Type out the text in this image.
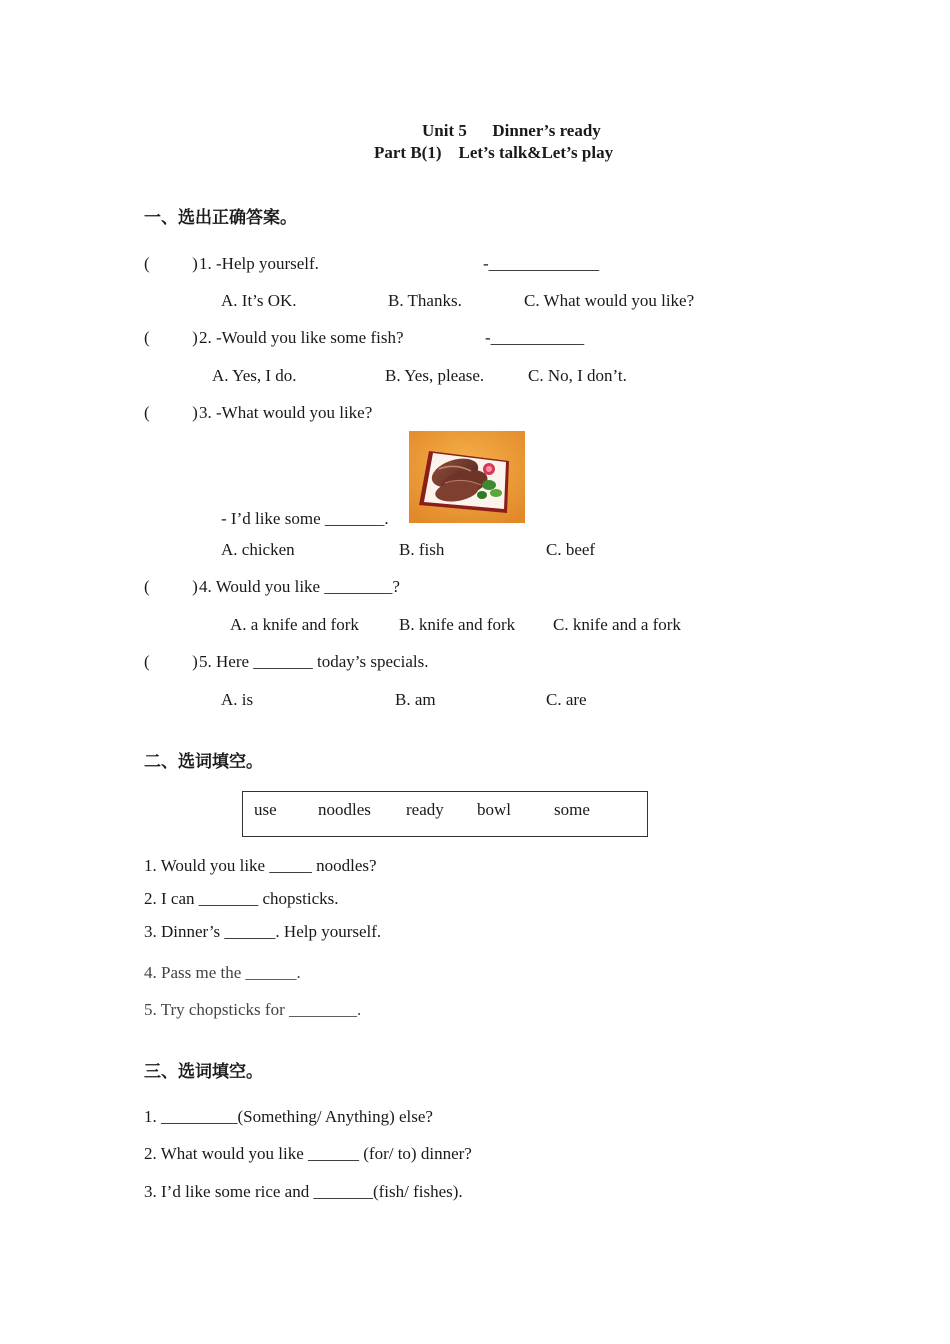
Unit 5      Dinner’s ready
Part B(1)    Let’s talk&Let’s play
一、选出正确答案。
(          ) 1. -Help yourself.	-_____________
A. It’s OK.	B. Thanks.	C. What would you like?
(          ) 2. -Would you like some fish?	-___________
A. Yes, I do.	B. Yes, please.	C. No, I don’t.
(          ) 3. -What would you like?
- I’d like some _______.
A. chicken	B. fish	C. beef
(          ) 4. Would you like ________?
A. a knife and fork B. knife and fork C. knife and a fork
(          ) 5. Here _______ today’s specials.
A. is	B. am	C. are
二、选词填空。
use noodles ready bowl	some
1. Would you like _____ noodles?
2. I can _______ chopsticks.
3. Dinner’s ______. Help yourself.
4. Pass me the ______.
5. Try chopsticks for ________.
三、选词填空。
1. _________(Something/ Anything) else?
2. What would you like ______ (for/ to) dinner?
3. I’d like some rice and _______(fish/ fishes).
